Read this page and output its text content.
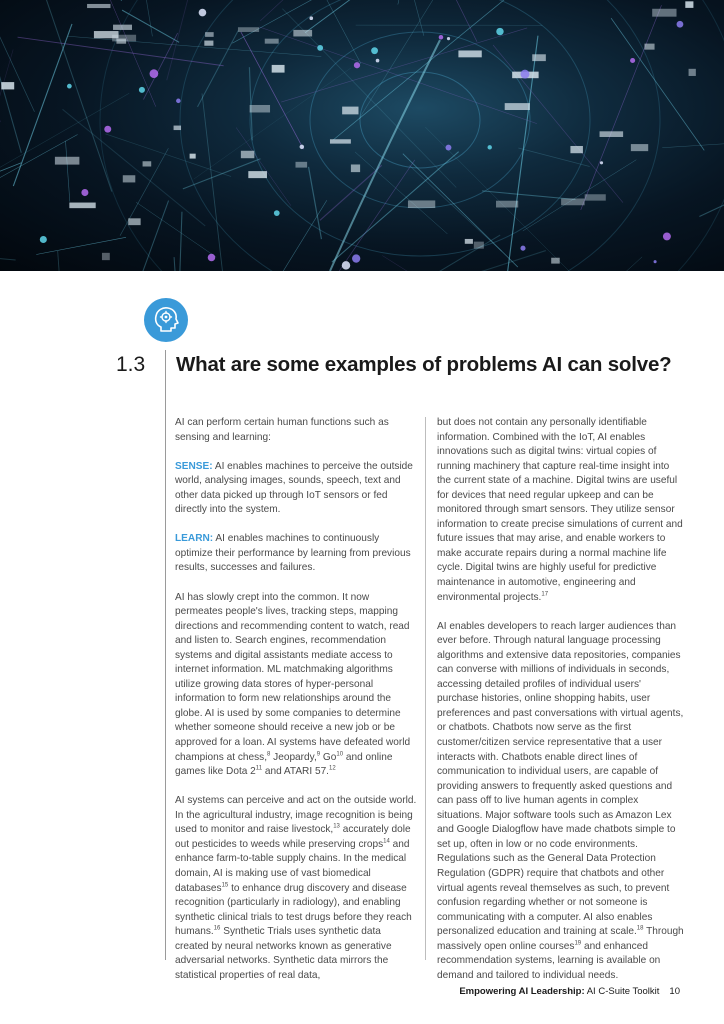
1.3 What are some examples of problems AI can solve?

AI can perform certain human functions such as sensing and learning:

SENSE: AI enables machines to perceive the outside world, analysing images, sounds, speech, text and other data picked up through IoT sensors or fed directly into the system.

LEARN: AI enables machines to continuously optimize their performance by learning from previous results, successes and failures.

AI has slowly crept into the common. It now permeates people's lives, tracking steps, mapping directions and recommending content to watch, read and listen to. Search engines, recommendation systems and digital assistants mediate access to internet information. ML matchmaking algorithms utilize growing data stores of hyper-personal information to form new relationships around the globe. AI is used by some companies to determine whether someone should receive a new job or be approved for a loan. AI systems have defeated world champions at chess,$^8$ Jeopardy,$^9$ Go$^{10}$ and online games like Dota $2^{11}$ and ATARI 57.12

AI systems can perceive and act on the outside world. In the agricultural industry, image recognition is being used to monitor and raise livestock,$^{13}$ accurately dole out pesticides to weeds while preserving crops$^{14}$ and enhance farm-to-table supply chains. In the medical domain, AI is making use of vast biomedical databases$^{15}$ to enhance drug discovery and disease recognition (particularly in radiology), and enabling synthetic clinical trials to test drugs before they reach humans.$^{16}$ Synthetic Trials uses synthetic data created by neural networks known as generative adversarial networks. Synthetic data mirrors the statistical properties of real data,

but does not contain any personally identifiable information. Combined with the IoT, AI enables innovations such as digital twins: virtual copies of running machinery that capture real-time insight into the current state of a machine. Digital twins are useful for devices that need regular upkeep and can be monitored through smart sensors. They utilize sensor information to create precise simulations of current and future issues that may arise, and enable workers to make accurate repairs during a normal machine life cycle. Digital twins are highly useful for predictive maintenance in automotive, engineering and environmental projects.$^{17}$

AI enables developers to reach larger audiences than ever before. Through natural language processing algorithms and extensive data repositories, companies can converse with millions of individuals in seconds, accessing detailed profiles of individual users' purchase histories, online shopping habits, user preferences and past conversations with virtual agents, or chatbots. Chatbots now serve as the first customer/citizen service representative that a user interacts with. Chatbots enable direct lines of communication to individual users, are capable of providing answers to frequently asked questions and can pass off to live human agents in complex situations. Major software tools such as Amazon Lex and Google Dialogflow have made chatbots simple to set up, often in low or no code environments. Regulations such as the General Data Protection Regulation (GDPR) require that chatbots and other virtual agents reveal themselves as such, to prevent confusion regarding whether or not someone is communicating with a computer. AI also enables personalized education and training at scale.$^{18}$ Through massively open online courses$^{19}$ and enhanced recommendation systems, learning is available on demand and tailored to individual needs.

Empowering AI Leadership: AI C-Suite Toolkit 10
